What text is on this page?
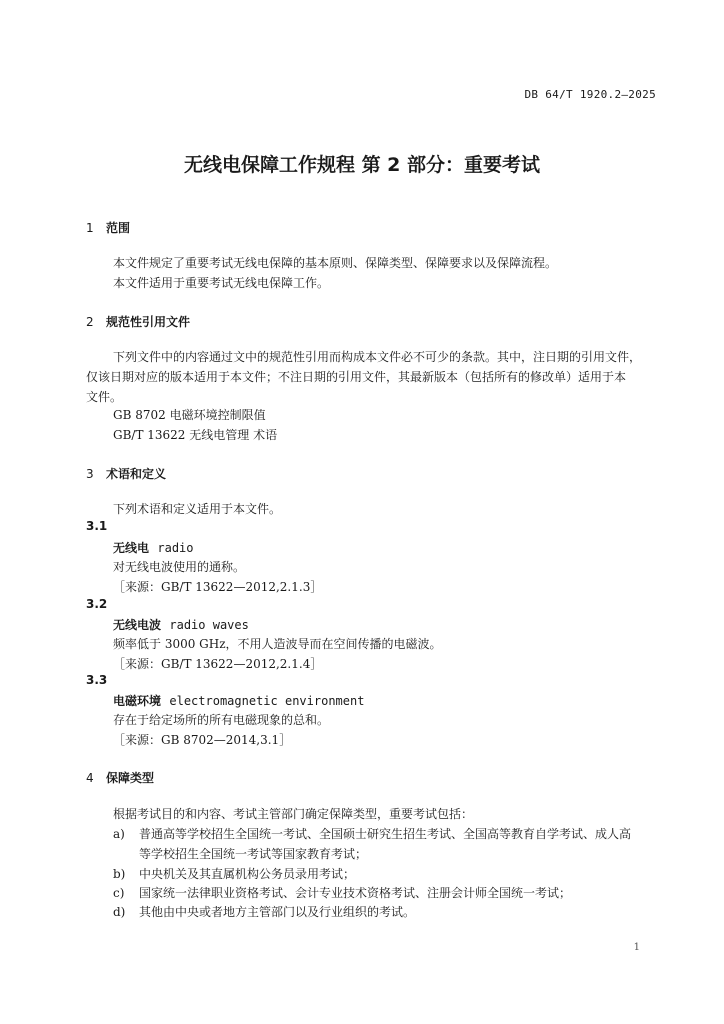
DB 64/T 1920.2—2025
无线电保障工作规程 第 2 部分：重要考试
1 范围
本文件规定了重要考试无线电保障的基本原则、保障类型、保障要求以及保障流程。
本文件适用于重要考试无线电保障工作。
2 规范性引用文件
下列文件中的内容通过文中的规范性引用而构成本文件必不可少的条款。其中，注日期的引用文件，
仅该日期对应的版本适用于本文件；不注日期的引用文件，其最新版本（包括所有的修改单）适用于本
文件。
GB 8702 电磁环境控制限值
GB/T 13622 无线电管理 术语
3 术语和定义
下列术语和定义适用于本文件。
3.1
无线电 radio
对无线电波使用的通称。
［来源：GB/T 13622—2012,2.1.3］
3.2
无线电波 radio waves
频率低于 3000 GHz，不用人造波导而在空间传播的电磁波。
［来源：GB/T 13622—2012,2.1.4］
3.3
电磁环境 electromagnetic environment
存在于给定场所的所有电磁现象的总和。
［来源：GB 8702—2014,3.1］
4 保障类型
根据考试目的和内容、考试主管部门确定保障类型，重要考试包括：
a) 普通高等学校招生全国统一考试、全国硕士研究生招生考试、全国高等教育自学考试、成人高
等学校招生全国统一考试等国家教育考试；
b) 中央机关及其直属机构公务员录用考试；
c) 国家统一法律职业资格考试、会计专业技术资格考试、注册会计师全国统一考试；
d) 其他由中央或者地方主管部门以及行业组织的考试。
1
